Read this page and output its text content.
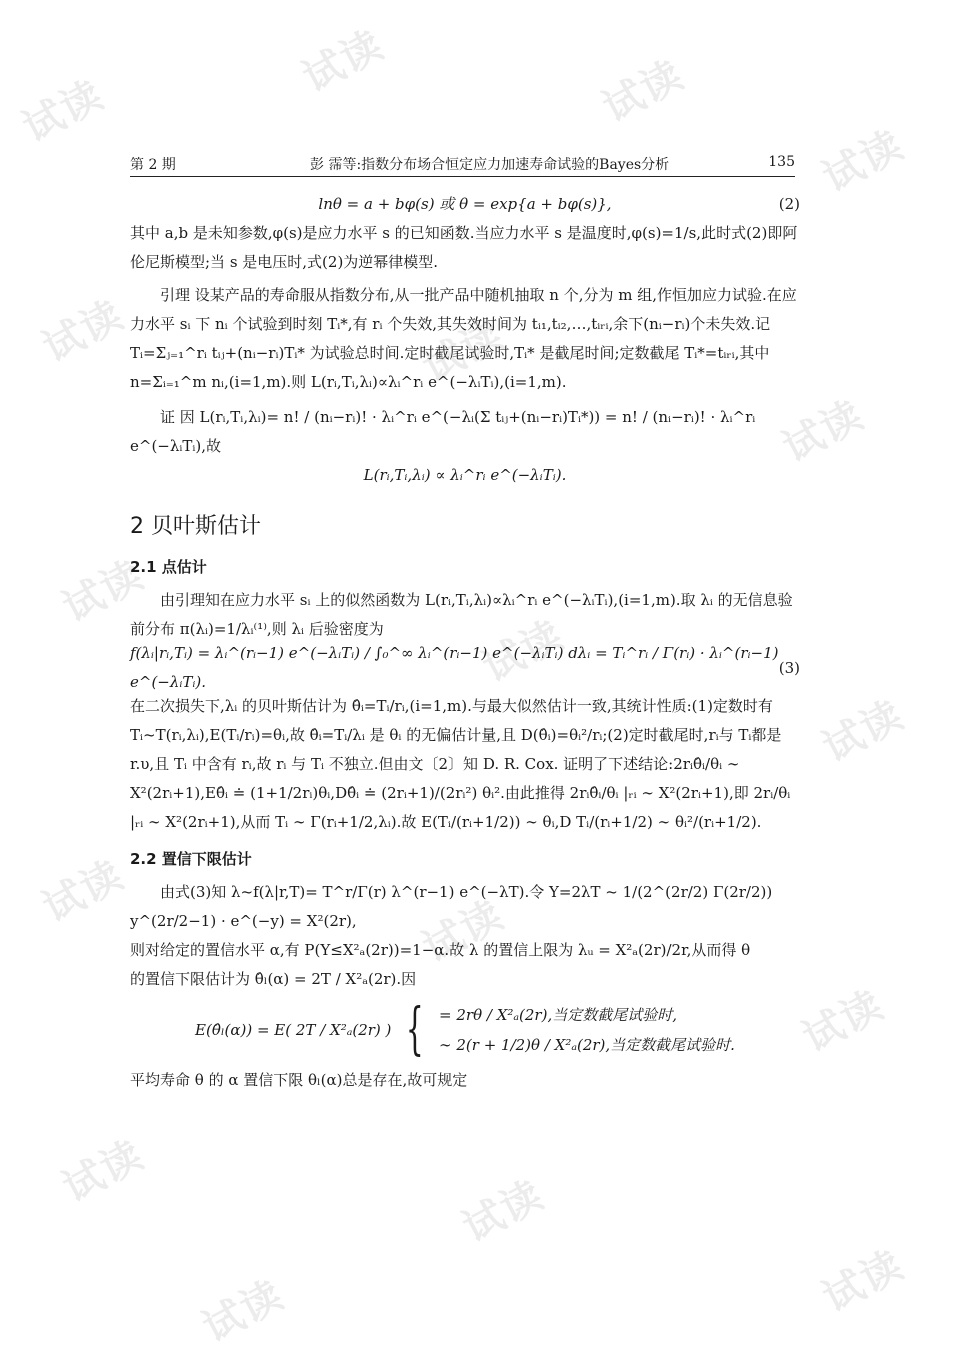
试读
试读	试读
试读
试读	试读
试读
试读
试读
试读
试读	试读
试读
试读	试读
试读
试读
第 2 期	彭 霈等:指数分布场合恒定应力加速寿命试验的Bayes分析	135
lnθ = a + bφ(s) 或 θ = exp{a + bφ(s)},	(2)

其中 a,b 是未知参数,φ(s)是应力水平 s 的已知函数.当应力水平 s 是温度时,φ(s)=1/s,此时式(2)即阿伦尼斯模型;当 s 是电压时,式(2)为逆幂律模型.

引理 设某产品的寿命服从指数分布,从一批产品中随机抽取 n 个,分为 m 组,作恒加应力试验.在应力水平 sᵢ 下 nᵢ 个试验到时刻 Tᵢ*,有 rᵢ 个失效,其失效时间为 tᵢ₁,tᵢ₂,…,tᵢᵣᵢ,余下(nᵢ−rᵢ)个未失效.记 Tᵢ=Σⱼ₌₁^rᵢ tᵢⱼ+(nᵢ−rᵢ)Tᵢ* 为试验总时间.定时截尾试验时,Tᵢ* 是截尾时间;定数截尾 Tᵢ*=tᵢᵣᵢ,其中 n=Σᵢ₌₁^m nᵢ,(i=1,m).则 L(rᵢ,Tᵢ,λᵢ)∝λᵢ^rᵢ e^(−λᵢTᵢ),(i=1,m).

证 因 L(rᵢ,Tᵢ,λᵢ)= n! / (nᵢ−rᵢ)! · λᵢ^rᵢ e^(−λᵢ(Σ tᵢⱼ+(nᵢ−rᵢ)Tᵢ*)) = n! / (nᵢ−rᵢ)! · λᵢ^rᵢ e^(−λᵢTᵢ),故

L(rᵢ,Tᵢ,λᵢ) ∝ λᵢ^rᵢ e^(−λᵢTᵢ).
2 贝叶斯估计
2.1 点估计

由引理知在应力水平 sᵢ 上的似然函数为 L(rᵢ,Tᵢ,λᵢ)∝λᵢ^rᵢ e^(−λᵢTᵢ),(i=1,m).取 λᵢ 的无信息验前分布 π(λᵢ)=1/λᵢ⁽¹⁾,则 λᵢ 后验密度为

f(λᵢ|rᵢ,Tᵢ) = λᵢ^(rᵢ−1) e^(−λᵢTᵢ) / ∫₀^∞ λᵢ^(rᵢ−1) e^(−λᵢTᵢ) dλᵢ = Tᵢ^rᵢ / Γ(rᵢ) · λᵢ^(rᵢ−1) e^(−λᵢTᵢ).
(3)

在二次损失下,λᵢ 的贝叶斯估计为 θ̂ᵢ=Tᵢ/rᵢ,(i=1,m).与最大似然估计一致,其统计性质:(1)定数时有 Tᵢ~T(rᵢ,λᵢ),E(Tᵢ/rᵢ)=θᵢ,故 θ̂ᵢ=Tᵢ/λᵢ 是 θᵢ 的无偏估计量,且 D(θ̂ᵢ)=θᵢ²/rᵢ;(2)定时截尾时,rᵢ与 Tᵢ都是 r.υ,且 Tᵢ 中含有 rᵢ,故 rᵢ 与 Tᵢ 不独立.但由文〔2〕知 D. R. Cox. 证明了下述结论:2rᵢθ̂ᵢ/θᵢ ∼ X²(2rᵢ+1),Eθ̂ᵢ ≐ (1+1/2rᵢ)θᵢ,Dθ̂ᵢ ≐ (2rᵢ+1)/(2rᵢ²) θᵢ².由此推得 2rᵢθ̂ᵢ/θᵢ |ᵣᵢ ∼ X²(2rᵢ+1),即 2rᵢ/θᵢ |ᵣᵢ ∼ X²(2rᵢ+1),从而 Tᵢ ∼ Γ(rᵢ+1/2,λᵢ).故 E(Tᵢ/(rᵢ+1/2)) ∼ θᵢ,D Tᵢ/(rᵢ+1/2) ∼ θᵢ²/(rᵢ+1/2).

2.2 置信下限估计

由式(3)知 λ~f(λ|r,T)= T^r/Γ(r) λ^(r−1) e^(−λT).令 Y=2λT ~ 1/(2^(2r/2) Γ(2r/2)) y^(2r/2−1) · e^(−y) = X²(2r),

则对给定的置信水平 α,有 P(Y≤X²ₐ(2r))=1−α.故 λ 的置信上限为 λᵤ = X²ₐ(2r)/2r,从而得 θ

的置信下限估计为 θ̂ₗ(α) = 2T / X²ₐ(2r).因

E(θ̂ₗ(α)) = E( 2T / X²ₐ(2r) ) { = 2rθ / X²ₐ(2r),当定数截尾试验时,
∼ 2(r + 1/2)θ / X²ₐ(2r),当定数截尾试验时.

平均寿命 θ 的 α 置信下限 θₗ(α)总是存在,故可规定
